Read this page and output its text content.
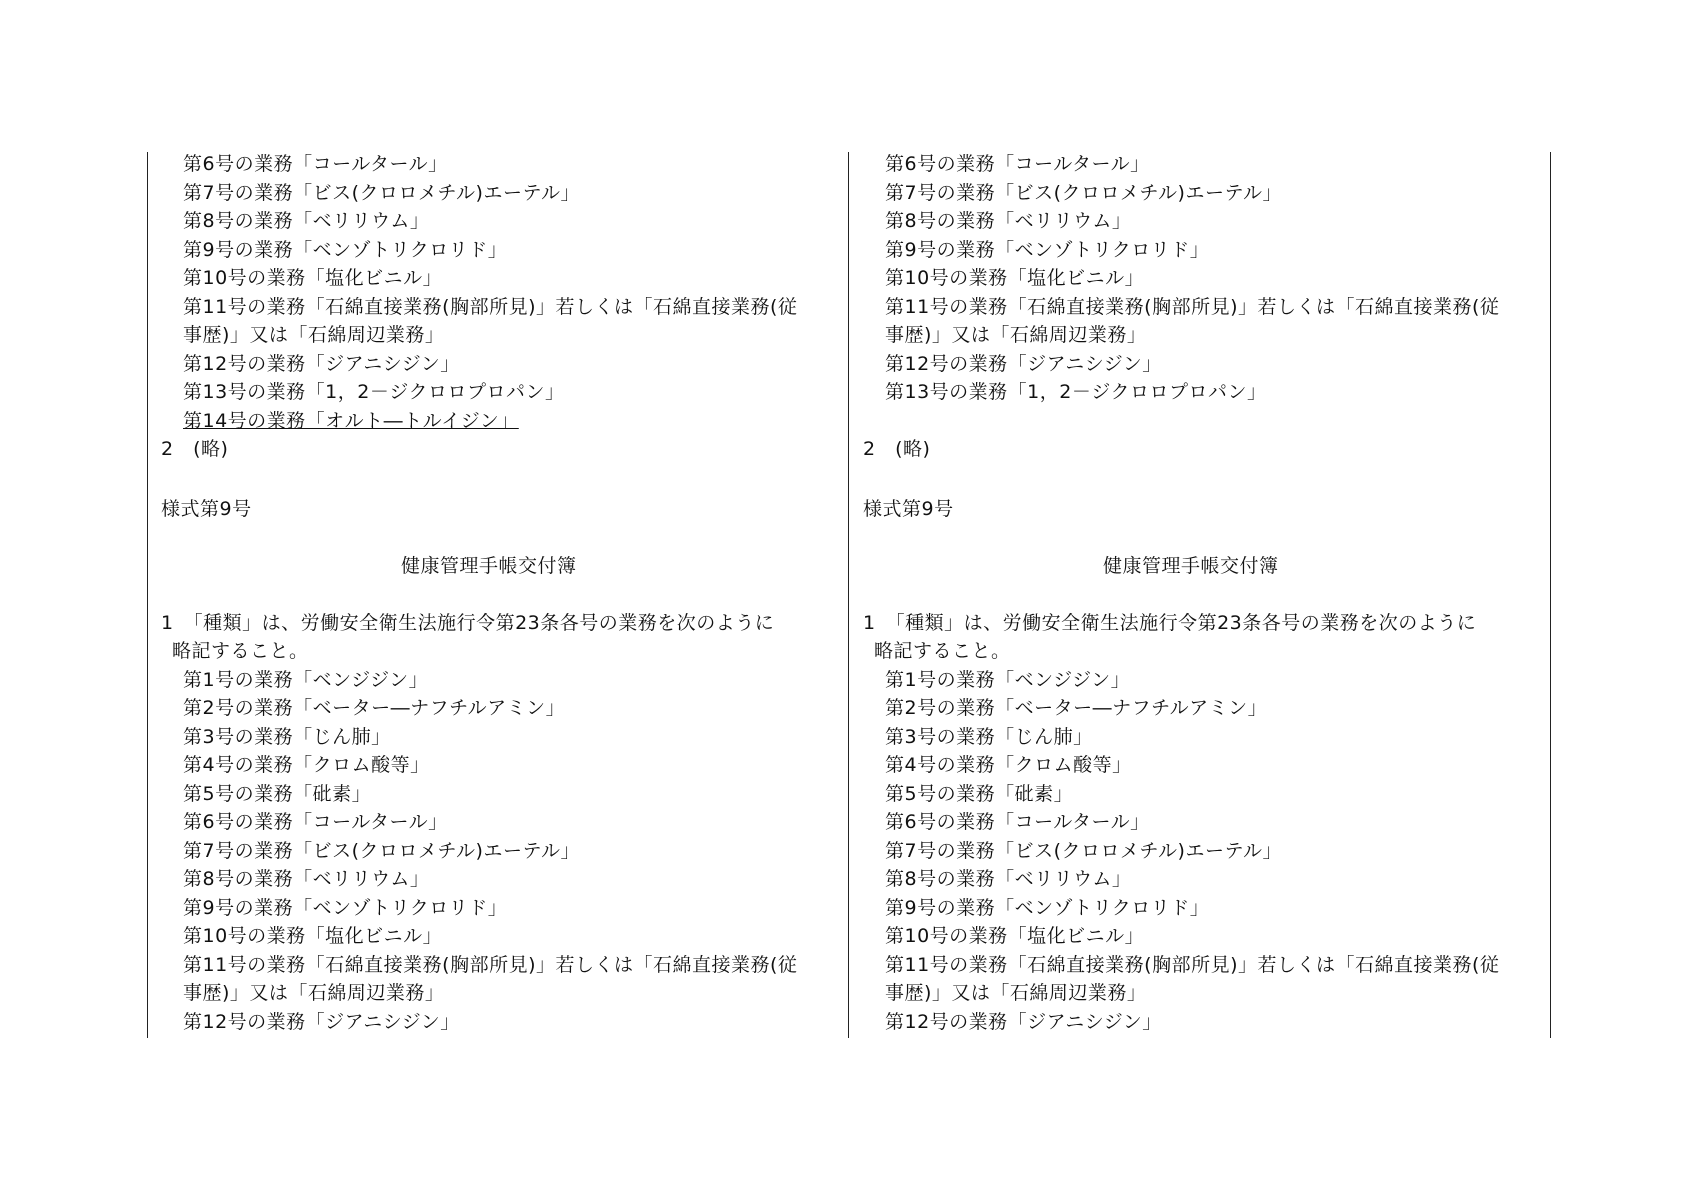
第6号の業務「コールタール」
第7号の業務「ビス(クロロメチル)エーテル」
第8号の業務「ベリリウム」
第9号の業務「ベンゾトリクロリド」
第10号の業務「塩化ビニル」
第11号の業務「石綿直接業務(胸部所見)」若しくは「石綿直接業務(従
事歴)」又は「石綿周辺業務」
第12号の業務「ジアニシジン」
第13号の業務「1，2－ジクロロプロパン」
第14号の業務「オルト―トルイジン」
2　(略)
様式第9号
健康管理手帳交付簿
1　「種類」は、労働安全衛生法施行令第23条各号の業務を次のように
略記すること。
第1号の業務「ベンジジン」
第2号の業務「ベーター―ナフチルアミン」
第3号の業務「じん肺」
第4号の業務「クロム酸等」
第5号の業務「砒素」
第6号の業務「コールタール」
第7号の業務「ビス(クロロメチル)エーテル」
第8号の業務「ベリリウム」
第9号の業務「ベンゾトリクロリド」
第10号の業務「塩化ビニル」
第11号の業務「石綿直接業務(胸部所見)」若しくは「石綿直接業務(従
事歴)」又は「石綿周辺業務」
第12号の業務「ジアニシジン」
第6号の業務「コールタール」
第7号の業務「ビス(クロロメチル)エーテル」
第8号の業務「ベリリウム」
第9号の業務「ベンゾトリクロリド」
第10号の業務「塩化ビニル」
第11号の業務「石綿直接業務(胸部所見)」若しくは「石綿直接業務(従
事歴)」又は「石綿周辺業務」
第12号の業務「ジアニシジン」
第13号の業務「1，2－ジクロロプロパン」
2　(略)
様式第9号
健康管理手帳交付簿
1　「種類」は、労働安全衛生法施行令第23条各号の業務を次のように
略記すること。
第1号の業務「ベンジジン」
第2号の業務「ベーター―ナフチルアミン」
第3号の業務「じん肺」
第4号の業務「クロム酸等」
第5号の業務「砒素」
第6号の業務「コールタール」
第7号の業務「ビス(クロロメチル)エーテル」
第8号の業務「ベリリウム」
第9号の業務「ベンゾトリクロリド」
第10号の業務「塩化ビニル」
第11号の業務「石綿直接業務(胸部所見)」若しくは「石綿直接業務(従
事歴)」又は「石綿周辺業務」
第12号の業務「ジアニシジン」
